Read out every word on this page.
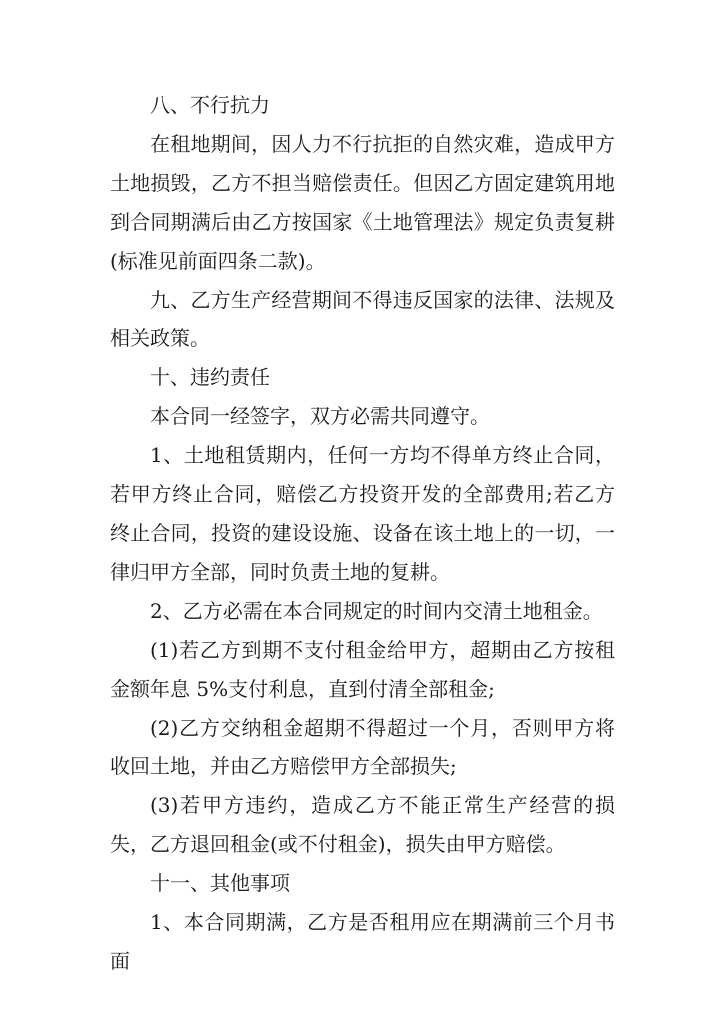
八、不行抗力

在租地期间，因人力不行抗拒的自然灾难，造成甲方土地损毁，乙方不担当赔偿责任。但因乙方固定建筑用地到合同期满后由乙方按国家《土地管理法》规定负责复耕(标准见前面四条二款)。

九、乙方生产经营期间不得违反国家的法律、法规及相关政策。

十、违约责任

本合同一经签字，双方必需共同遵守。

1、土地租赁期内，任何一方均不得单方终止合同，若甲方终止合同，赔偿乙方投资开发的全部费用;若乙方终止合同，投资的建设设施、设备在该土地上的一切，一律归甲方全部，同时负责土地的复耕。

2、乙方必需在本合同规定的时间内交清土地租金。

(1)若乙方到期不支付租金给甲方，超期由乙方按租金额年息 5%支付利息，直到付清全部租金;

(2)乙方交纳租金超期不得超过一个月，否则甲方将收回土地，并由乙方赔偿甲方全部损失;

(3)若甲方违约，造成乙方不能正常生产经营的损失，乙方退回租金(或不付租金)，损失由甲方赔偿。

十一、其他事项

1、本合同期满，乙方是否租用应在期满前三个月书面
